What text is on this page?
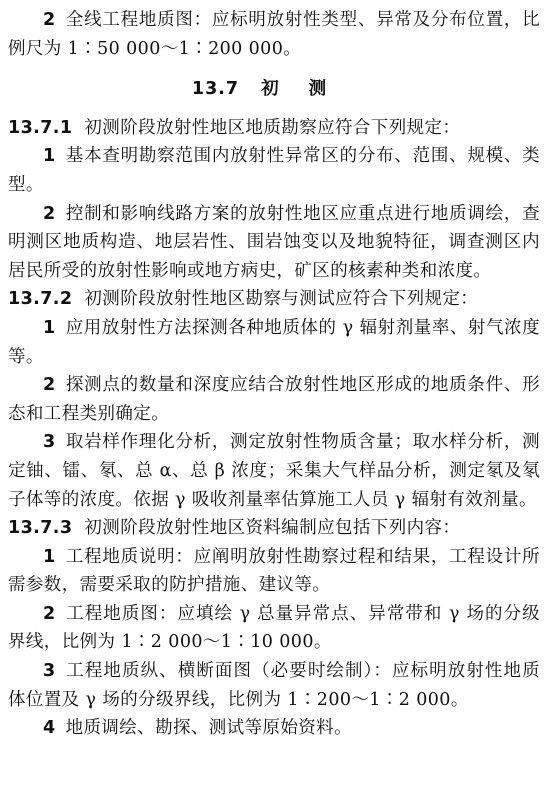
2 全线工程地质图：应标明放射性类型、异常及分布位置，比例尺为 1∶50 000～1∶200 000。

13.7 初测

13.7.1 初测阶段放射性地区地质勘察应符合下列规定：

1 基本查明勘察范围内放射性异常区的分布、范围、规模、类型。

2 控制和影响线路方案的放射性地区应重点进行地质调绘，查明测区地质构造、地层岩性、围岩蚀变以及地貌特征，调查测区内居民所受的放射性影响或地方病史，矿区的核素种类和浓度。

13.7.2 初测阶段放射性地区勘察与测试应符合下列规定：

1 应用放射性方法探测各种地质体的 γ 辐射剂量率、射气浓度等。

2 探测点的数量和深度应结合放射性地区形成的地质条件、形态和工程类别确定。

3 取岩样作理化分析，测定放射性物质含量；取水样分析，测定铀、镭、氡、总 α、总 β 浓度；采集大气样品分析，测定氡及氡子体等的浓度。依据 γ 吸收剂量率估算施工人员 γ 辐射有效剂量。

13.7.3 初测阶段放射性地区资料编制应包括下列内容：

1 工程地质说明：应阐明放射性勘察过程和结果，工程设计所需参数，需要采取的防护措施、建议等。

2 工程地质图：应填绘 γ 总量异常点、异常带和 γ 场的分级界线，比例为 1∶2 000～1∶10 000。

3 工程地质纵、横断面图（必要时绘制）：应标明放射性地质体位置及 γ 场的分级界线，比例为 1∶200～1∶2 000。

4 地质调绘、勘探、测试等原始资料。
